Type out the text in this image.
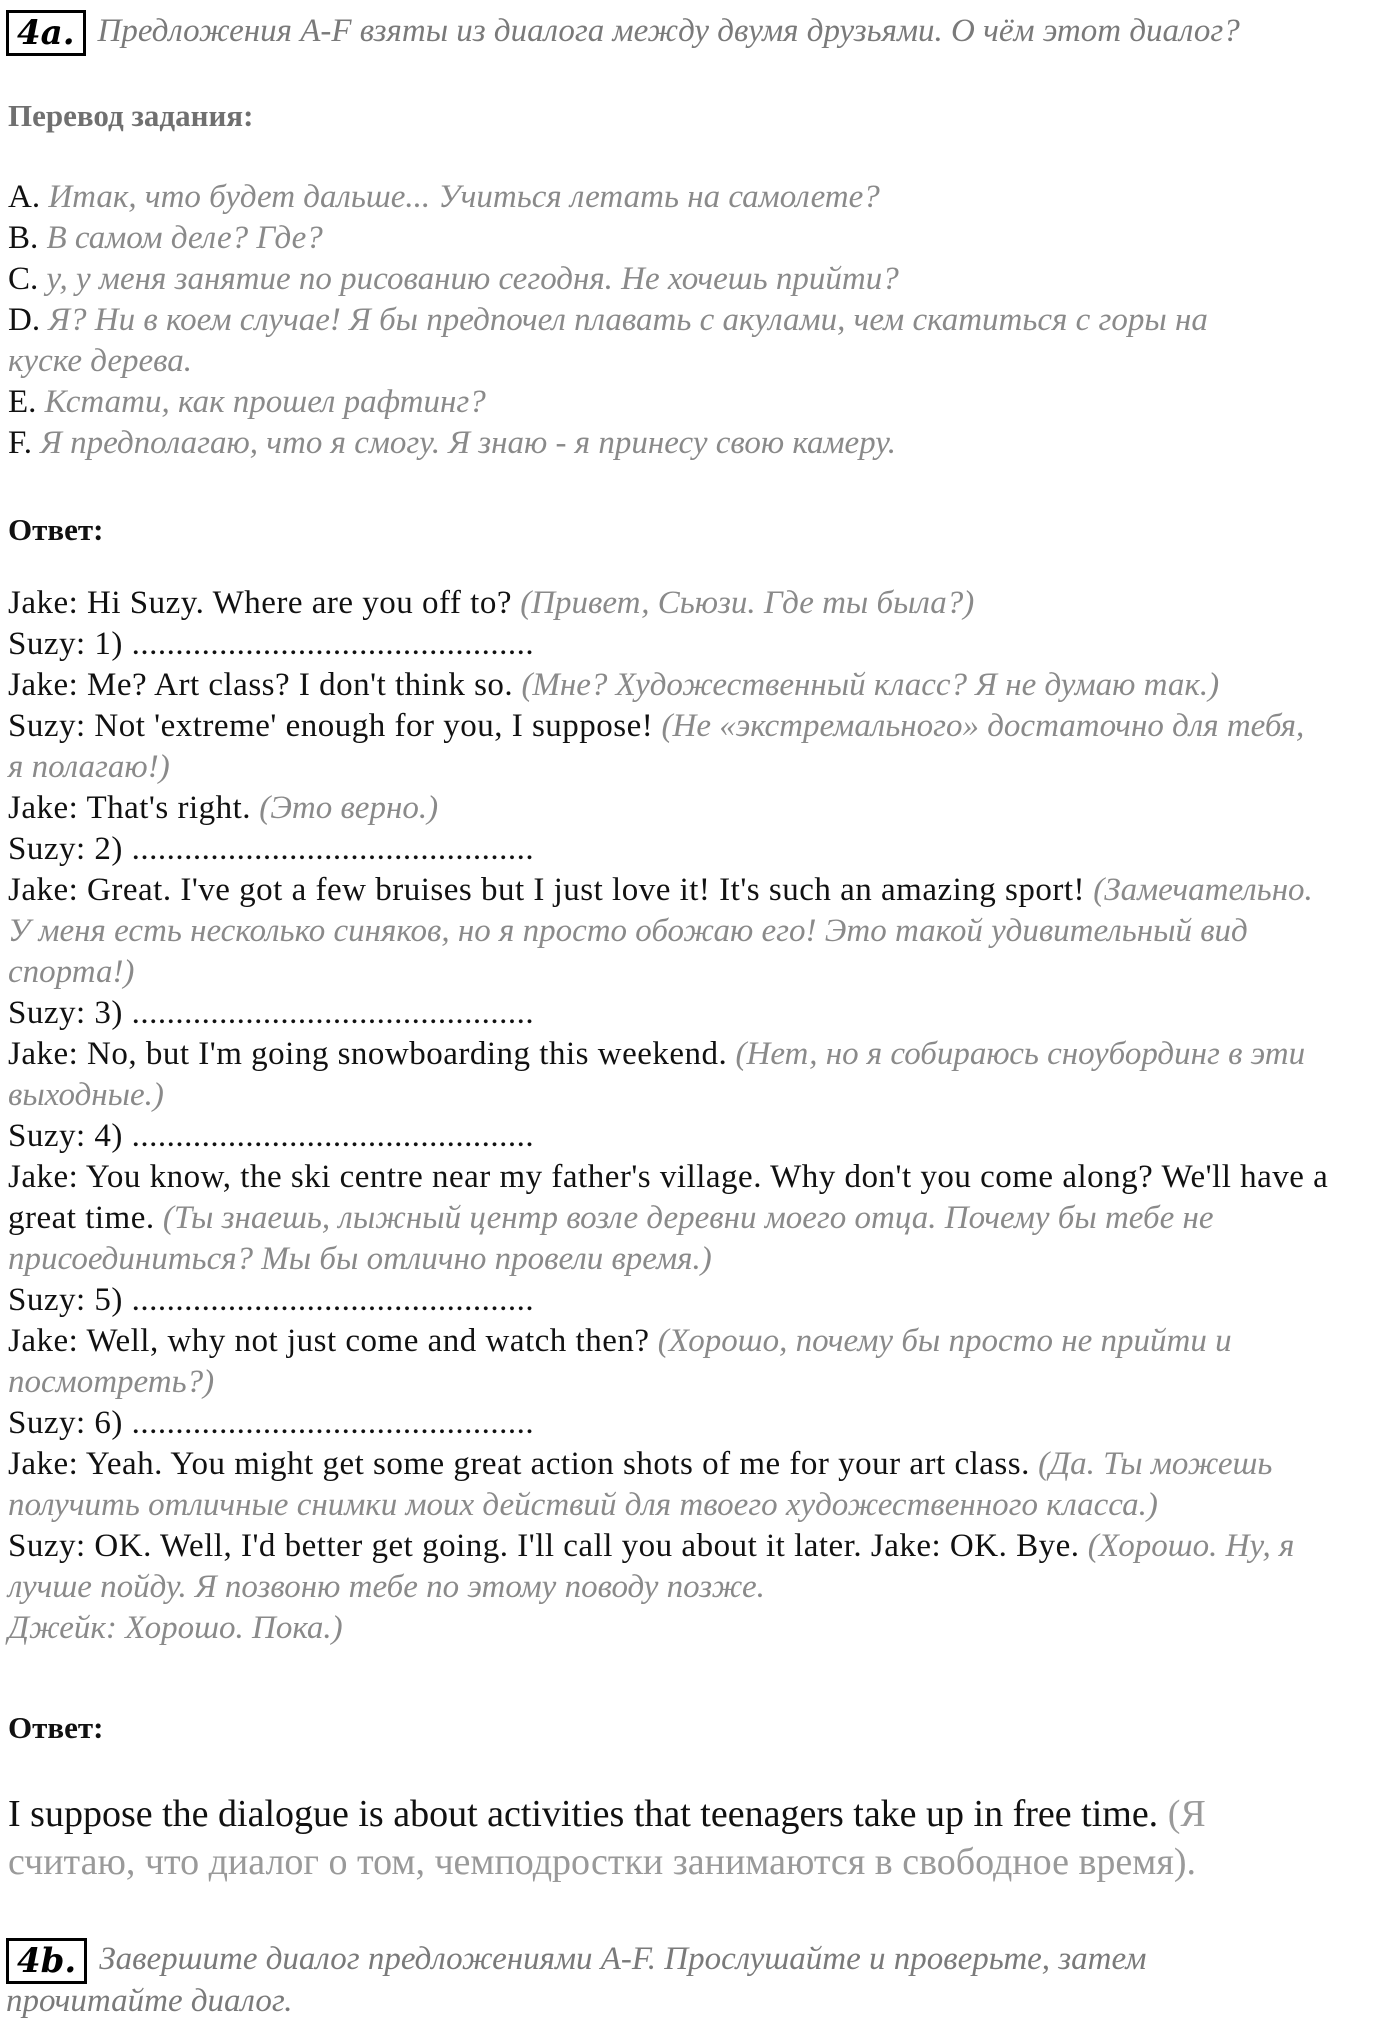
4a. Предложения A-F взяты из диалога между двумя друзьями. О чём этот диалог?
Перевод задания:
A. Итак, что будет дальше... Учиться летать на самолете?
B. В самом деле? Где?
C. у, у меня занятие по рисованию сегодня. Не хочешь прийти?
D. Я? Ни в коем случае! Я бы предпочел плавать с акулами, чем скатиться с горы на
куске дерева.
E. Кстати, как прошел рафтинг?
F. Я предполагаю, что я смогу. Я знаю - я принесу свою камеру.
Ответ:
Jake: Hi Suzy. Where are you off to? (Привет, Сьюзи. Где ты была?)
Suzy: 1) ..............................................
Jake: Me? Art class? I don't think so. (Мне? Художественный класс? Я не думаю так.)
Suzy: Not 'extreme' enough for you, I suppose! (Не «экстремального» достаточно для тебя,
я полагаю!)
Jake: That's right. (Это верно.)
Suzy: 2) ..............................................
Jake: Great. I've got a few bruises but I just love it! It's such an amazing sport! (Замечательно.
У меня есть несколько синяков, но я просто обожаю его! Это такой удивительный вид
спорта!)
Suzy: 3) ..............................................
Jake: No, but I'm going snowboarding this weekend. (Нет, но я собираюсь сноубординг в эти
выходные.)
Suzy: 4) ..............................................
Jake: You know, the ski centre near my father's village. Why don't you come along? We'll have a
great time. (Ты знаешь, лыжный центр возле деревни моего отца. Почему бы тебе не
присоединиться? Мы бы отлично провели время.)
Suzy: 5) ..............................................
Jake: Well, why not just come and watch then? (Хорошо, почему бы просто не прийти и
посмотреть?)
Suzy: 6) ..............................................
Jake: Yeah. You might get some great action shots of me for your art class. (Да. Ты можешь
получить отличные снимки моих действий для твоего художественного класса.)
Suzy: OK. Well, I'd better get going. I'll call you about it later. Jake: OK. Bye. (Хорошо. Ну, я
лучше пойду. Я позвоню тебе по этому поводу позже.
Джейк: Хорошо. Пока.)
Ответ:
I suppose the dialogue is about activities that teenagers take up in free time. (Я
считаю, что диалог о том, чемподростки занимаются в свободное время).
4b. Завершите диалог предложениями A-F. Прослушайте и проверьте, затем
прочитайте диалог.
